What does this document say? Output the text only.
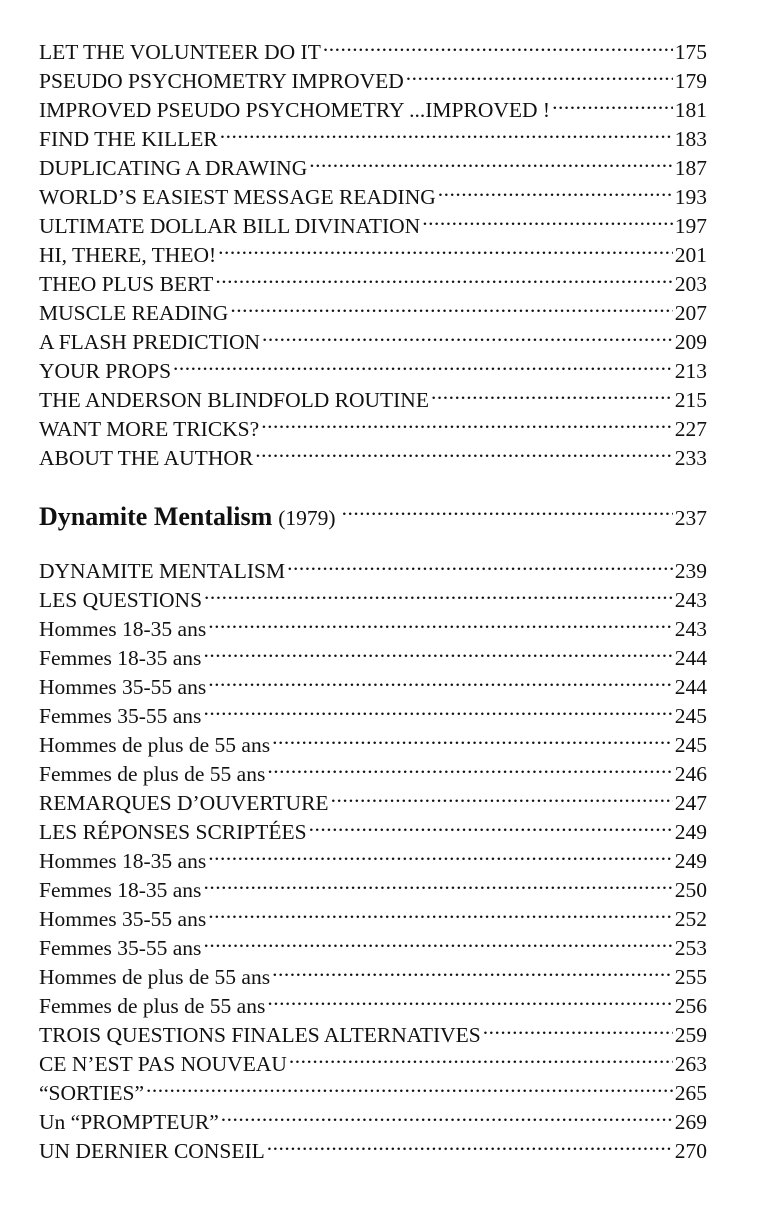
LET THE VOLUNTEER DO IT .....	175
PSEUDO PSYCHOMETRY IMPROVED .....	179
IMPROVED PSEUDO PSYCHOMETRY ...IMPROVED ! .....	181
FIND THE KILLER .....	183
DUPLICATING A DRAWING .....	187
WORLD’S EASIEST MESSAGE READING .....	193
ULTIMATE DOLLAR BILL DIVINATION .....	197
HI, THERE, THEO! .....	201
THEO PLUS BERT .....	203
MUSCLE READING .....	207
A FLASH PREDICTION .....	209
YOUR PROPS .....	213
THE ANDERSON BLINDFOLD ROUTINE .....	215
WANT MORE TRICKS? .....	227
ABOUT THE AUTHOR .....	233
Dynamite Mentalism (1979) .....	237
DYNAMITE MENTALISM .....	239
LES QUESTIONS .....	243
Hommes 18-35 ans .....	243
Femmes 18-35 ans .....	244
Hommes 35-55 ans .....	244
Femmes 35-55 ans .....	245
Hommes de plus de 55 ans .....	245
Femmes de plus de 55 ans .....	246
REMARQUES D’OUVERTURE .....	247
LES RÉPONSES SCRIPTÉES .....	249
Hommes 18-35 ans .....	249
Femmes 18-35 ans .....	250
Hommes 35-55 ans .....	252
Femmes 35-55 ans .....	253
Hommes de plus de 55 ans .....	255
Femmes de plus de 55 ans .....	256
TROIS QUESTIONS FINALES ALTERNATIVES .....	259
CE N’EST PAS NOUVEAU .....	263
“SORTIES” .....	265
Un “PROMPTEUR” .....	269
UN DERNIER CONSEIL .....	270
